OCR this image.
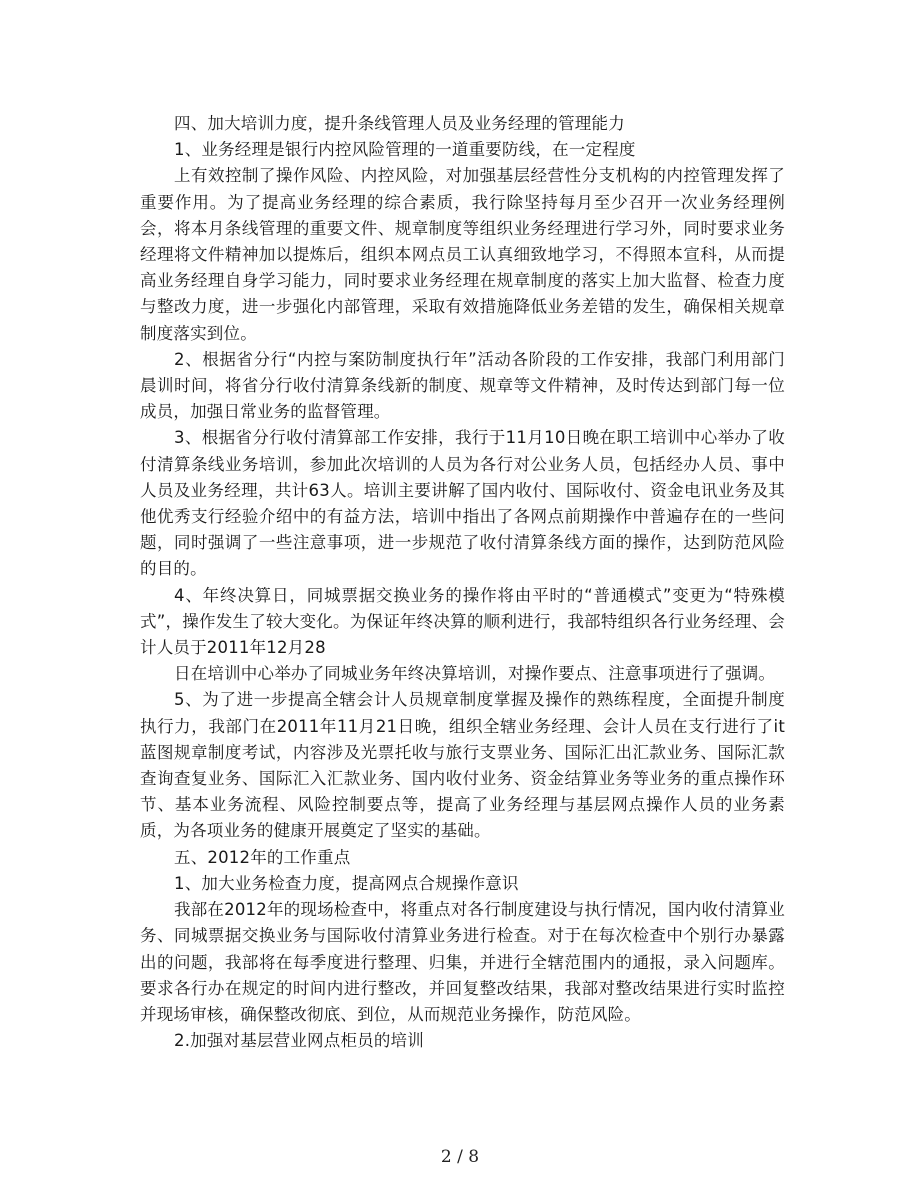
四、加大培训力度，提升条线管理人员及业务经理的管理能力

1、业务经理是银行内控风险管理的一道重要防线，在一定程度

上有效控制了操作风险、内控风险，对加强基层经营性分支机构的内控管理发挥了重要作用。为了提高业务经理的综合素质，我行除坚持每月至少召开一次业务经理例会，将本月条线管理的重要文件、规章制度等组织业务经理进行学习外，同时要求业务经理将文件精神加以提炼后，组织本网点员工认真细致地学习，不得照本宣科，从而提高业务经理自身学习能力，同时要求业务经理在规章制度的落实上加大监督、检查力度与整改力度，进一步强化内部管理，采取有效措施降低业务差错的发生，确保相关规章制度落实到位。

2、根据省分行“内控与案防制度执行年”活动各阶段的工作安排，我部门利用部门晨训时间，将省分行收付清算条线新的制度、规章等文件精神，及时传达到部门每一位成员，加强日常业务的监督管理。

3、根据省分行收付清算部工作安排，我行于11月10日晚在职工培训中心举办了收付清算条线业务培训，参加此次培训的人员为各行对公业务人员，包括经办人员、事中人员及业务经理，共计63人。培训主要讲解了国内收付、国际收付、资金电讯业务及其他优秀支行经验介绍中的有益方法，培训中指出了各网点前期操作中普遍存在的一些问题，同时强调了一些注意事项，进一步规范了收付清算条线方面的操作，达到防范风险的目的。

4、年终决算日，同城票据交换业务的操作将由平时的“普通模式”变更为“特殊模式”，操作发生了较大变化。为保证年终决算的顺利进行，我部特组织各行业务经理、会计人员于2011年12月28

日在培训中心举办了同城业务年终决算培训，对操作要点、注意事项进行了强调。

5、为了进一步提高全辖会计人员规章制度掌握及操作的熟练程度，全面提升制度执行力，我部门在2011年11月21日晚，组织全辖业务经理、会计人员在支行进行了it蓝图规章制度考试，内容涉及光票托收与旅行支票业务、国际汇出汇款业务、国际汇款查询查复业务、国际汇入汇款业务、国内收付业务、资金结算业务等业务的重点操作环节、基本业务流程、风险控制要点等，提高了业务经理与基层网点操作人员的业务素质，为各项业务的健康开展奠定了坚实的基础。

五、2012年的工作重点

1、加大业务检查力度，提高网点合规操作意识

我部在2012年的现场检查中，将重点对各行制度建设与执行情况，国内收付清算业务、同城票据交换业务与国际收付清算业务进行检查。对于在每次检查中个别行办暴露出的问题，我部将在每季度进行整理、归集，并进行全辖范围内的通报，录入问题库。要求各行办在规定的时间内进行整改，并回复整改结果，我部对整改结果进行实时监控并现场审核，确保整改彻底、到位，从而规范业务操作，防范风险。

2.加强对基层营业网点柜员的培训

2 / 8
